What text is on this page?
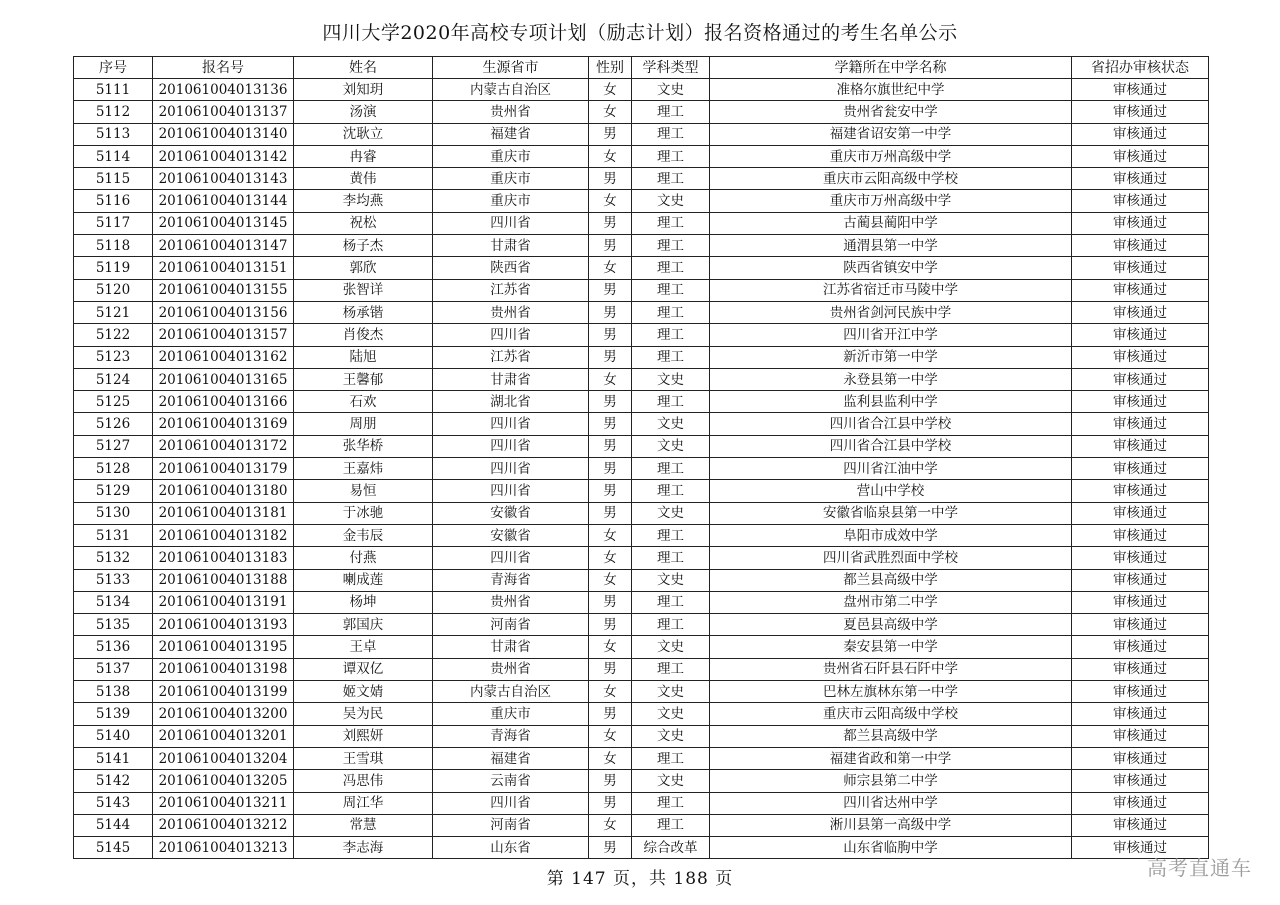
四川大学2020年高校专项计划（励志计划）报名资格通过的考生名单公示
序号	报名号	姓名	生源省市	性别	学科类型	学籍所在中学名称	省招办审核状态
5111	201061004013136	刘知玥	内蒙古自治区	女	文史	准格尔旗世纪中学	审核通过
5112	201061004013137	汤演	贵州省	女	理工	贵州省瓮安中学	审核通过
5113	201061004013140	沈耿立	福建省	男	理工	福建省诏安第一中学	审核通过
5114	201061004013142	冉睿	重庆市	女	理工	重庆市万州高级中学	审核通过
5115	201061004013143	黄伟	重庆市	男	理工	重庆市云阳高级中学校	审核通过
5116	201061004013144	李均燕	重庆市	女	文史	重庆市万州高级中学	审核通过
5117	201061004013145	祝松	四川省	男	理工	古蔺县蔺阳中学	审核通过
5118	201061004013147	杨子杰	甘肃省	男	理工	通渭县第一中学	审核通过
5119	201061004013151	郭欣	陕西省	女	理工	陕西省镇安中学	审核通过
5120	201061004013155	张智详	江苏省	男	理工	江苏省宿迁市马陵中学	审核通过
5121	201061004013156	杨承锴	贵州省	男	理工	贵州省剑河民族中学	审核通过
5122	201061004013157	肖俊杰	四川省	男	理工	四川省开江中学	审核通过
5123	201061004013162	陆旭	江苏省	男	理工	新沂市第一中学	审核通过
5124	201061004013165	王馨郁	甘肃省	女	文史	永登县第一中学	审核通过
5125	201061004013166	石欢	湖北省	男	理工	监利县监利中学	审核通过
5126	201061004013169	周朋	四川省	男	文史	四川省合江县中学校	审核通过
5127	201061004013172	张华桥	四川省	男	文史	四川省合江县中学校	审核通过
5128	201061004013179	王嘉炜	四川省	男	理工	四川省江油中学	审核通过
5129	201061004013180	易恒	四川省	男	理工	营山中学校	审核通过
5130	201061004013181	于冰驰	安徽省	男	文史	安徽省临泉县第一中学	审核通过
5131	201061004013182	金韦辰	安徽省	女	理工	阜阳市成效中学	审核通过
5132	201061004013183	付燕	四川省	女	理工	四川省武胜烈面中学校	审核通过
5133	201061004013188	喇成莲	青海省	女	文史	都兰县高级中学	审核通过
5134	201061004013191	杨坤	贵州省	男	理工	盘州市第二中学	审核通过
5135	201061004013193	郭国庆	河南省	男	理工	夏邑县高级中学	审核通过
5136	201061004013195	王卓	甘肃省	女	文史	秦安县第一中学	审核通过
5137	201061004013198	谭双亿	贵州省	男	理工	贵州省石阡县石阡中学	审核通过
5138	201061004013199	姬文婧	内蒙古自治区	女	文史	巴林左旗林东第一中学	审核通过
5139	201061004013200	吴为民	重庆市	男	文史	重庆市云阳高级中学校	审核通过
5140	201061004013201	刘熙妍	青海省	女	文史	都兰县高级中学	审核通过
5141	201061004013204	王雪琪	福建省	女	理工	福建省政和第一中学	审核通过
5142	201061004013205	冯思伟	云南省	男	文史	师宗县第二中学	审核通过
5143	201061004013211	周江华	四川省	男	理工	四川省达州中学	审核通过
5144	201061004013212	常慧	河南省	女	理工	淅川县第一高级中学	审核通过
5145	201061004013213	李志海	山东省	男	综合改革	山东省临朐中学	审核通过
第 147 页，共 188 页	高考直通车
